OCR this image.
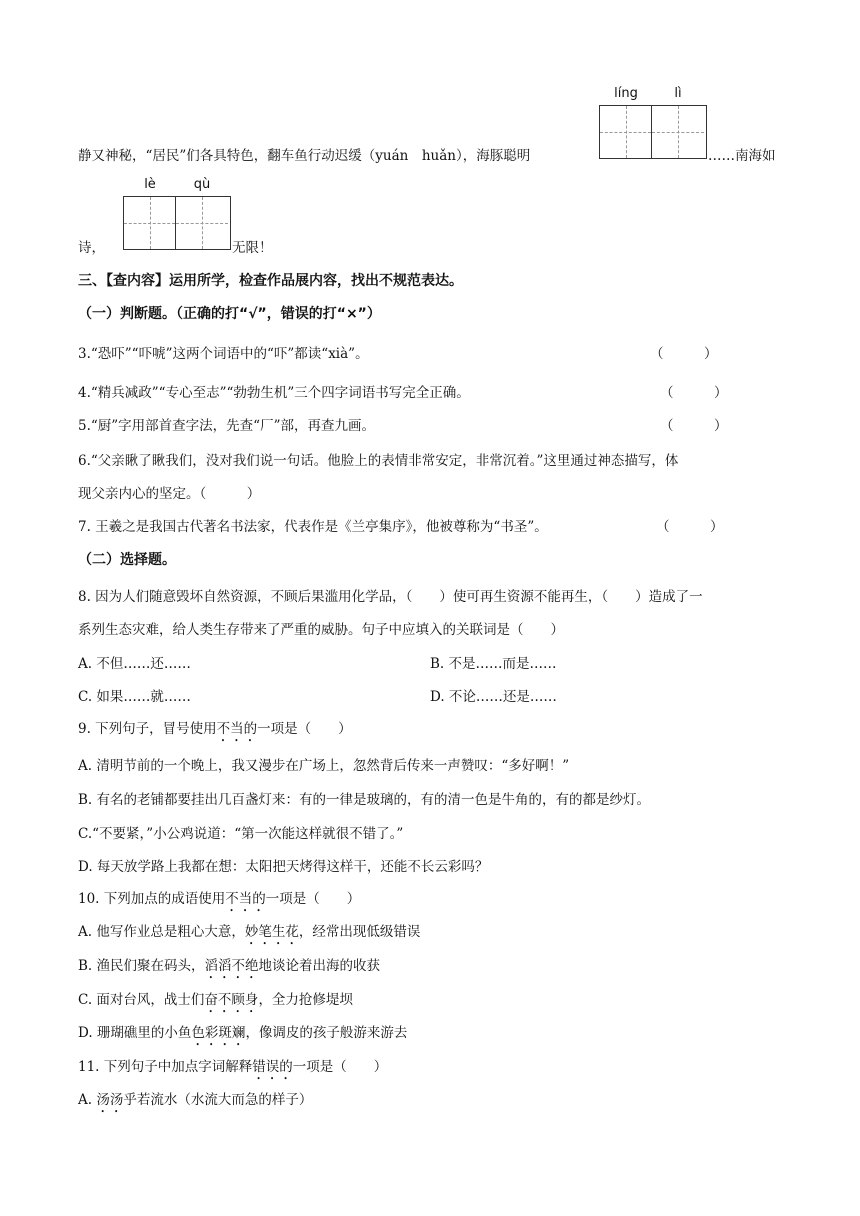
líng	lì
静又神秘，“居民”们各具特色，翻车鱼行动迟缓（yuán　huǎn），海豚聪明	……南海如
lè	qù
诗，	无限！
三、【查内容】运用所学，检查作品展内容，找出不规范表达。
（一）判断题。（正确的打“√”，错误的打“×”）
3.“恐吓”“吓唬”这两个词语中的“吓”都读“xià”。	（　　　）
4.“精兵减政”“专心至志”“勃勃生机”三个四字词语书写完全正确。	（　　　）
5.“厨”字用部首查字法，先查“厂”部，再查九画。	（　　　）
6.“父亲瞅了瞅我们，没对我们说一句话。他脸上的表情非常安定，非常沉着。”这里通过神态描写，体
现父亲内心的坚定。（　　　）
7. 王羲之是我国古代著名书法家，代表作是《兰亭集序》，他被尊称为“书圣”。	（　　　）
（二）选择题。
8. 因为人们随意毁坏自然资源，不顾后果滥用化学品，（　　）使可再生资源不能再生，（　　）造成了一
系列生态灾难，给人类生存带来了严重的威胁。句子中应填入的关联词是（　　）
A. 不但……还……	B. 不是……而是……
C. 如果……就……	D. 不论……还是……
9. 下列句子，冒号使用不当的一项是（　　）
A. 清明节前的一个晚上，我又漫步在广场上，忽然背后传来一声赞叹：“多好啊！”
B. 有名的老铺都要挂出几百盏灯来：有的一律是玻璃的，有的清一色是牛角的，有的都是纱灯。
C.“不要紧，”小公鸡说道：“第一次能这样就很不错了。”
D. 每天放学路上我都在想：太阳把天烤得这样干，还能不长云彩吗？
10. 下列加点的成语使用不当的一项是（　　）
A. 他写作业总是粗心大意，妙笔生花，经常出现低级错误
B. 渔民们聚在码头，滔滔不绝地谈论着出海的收获
C. 面对台风，战士们奋不顾身，全力抢修堤坝
D. 珊瑚礁里的小鱼色彩斑斓，像调皮的孩子般游来游去
11. 下列句子中加点字词解释错误的一项是（　　）
A. 汤汤乎若流水（水流大而急的样子）
